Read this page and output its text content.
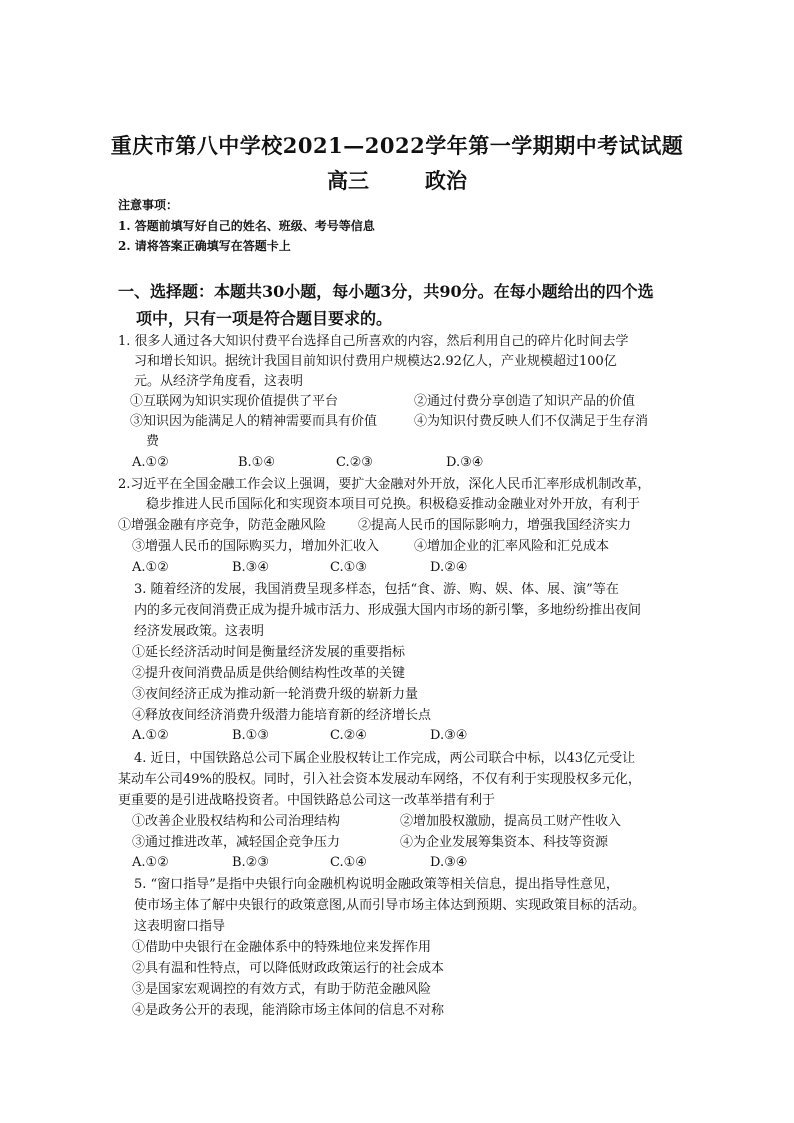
重庆市第八中学校2021—2022学年第一学期期中考试试题
高三	政治
注意事项：
1. 答题前填写好自己的姓名、班级、考号等信息
2. 请将答案正确填写在答题卡上
一、选择题：本题共30小题，每小题3分，共90分。在每小题给出的四个选
项中，只有一项是符合题目要求的。
1. 很多人通过各大知识付费平台选择自己所喜欢的内容，然后利用自己的碎片化时间去学
习和增长知识。据统计我国目前知识付费用户规模达2.92亿人，产业规模超过100亿
元。从经济学角度看，这表明
①互联网为知识实现价值提供了平台	②通过付费分享创造了知识产品的价值
③知识因为能满足人的精神需要而具有价值	④为知识付费反映人们不仅满足于生存消
费
A.①②	B.①④	C.②③	D.③④
2.习近平在全国金融工作会议上强调，要扩大金融对外开放，深化人民币汇率形成机制改革，
稳步推进人民币国际化和实现资本项目可兑换。积极稳妥推动金融业对外开放，有利于
①增强金融有序竞争，防范金融风险 ②提高人民币的国际影响力，增强我国经济实力
③增强人民币的国际购买力，增加外汇收入	④增加企业的汇率风险和汇兑成本
A.①②	B.③④	C.①③	D.②④
3. 随着经济的发展，我国消费呈现多样态，包括“食、游、购、娱、体、展、演”等在
内的多元夜间消费正成为提升城市活力、形成强大国内市场的新引擎，多地纷纷推出夜间
经济发展政策。这表明
①延长经济活动时间是衡量经济发展的重要指标
②提升夜间消费品质是供给侧结构性改革的关键
③夜间经济正成为推动新一轮消费升级的崭新力量
④释放夜间经济消费升级潜力能培育新的经济增长点
A.①②	B.①③	C.②④	D.③④
4. 近日，中国铁路总公司下属企业股权转让工作完成，两公司联合中标，以43亿元受让
某动车公司49%的股权。同时，引入社会资本发展动车网络，不仅有利于实现股权多元化，
更重要的是引进战略投资者。中国铁路总公司这一改革举措有利于
①改善企业股权结构和公司治理结构	②增加股权激励，提高员工财产性收入
③通过推进改革，减轻国企竞争压力	④为企业发展筹集资本、科技等资源
A.①②	B.②③	C.①④	D.③④
5. “窗口指导”是指中央银行向金融机构说明金融政策等相关信息，提出指导性意见，
使市场主体了解中央银行的政策意图,从而引导市场主体达到预期、实现政策目标的活动。
这表明窗口指导
①借助中央银行在金融体系中的特殊地位来发挥作用
②具有温和性特点，可以降低财政政策运行的社会成本
③是国家宏观调控的有效方式，有助于防范金融风险
④是政务公开的表现，能消除市场主体间的信息不对称
